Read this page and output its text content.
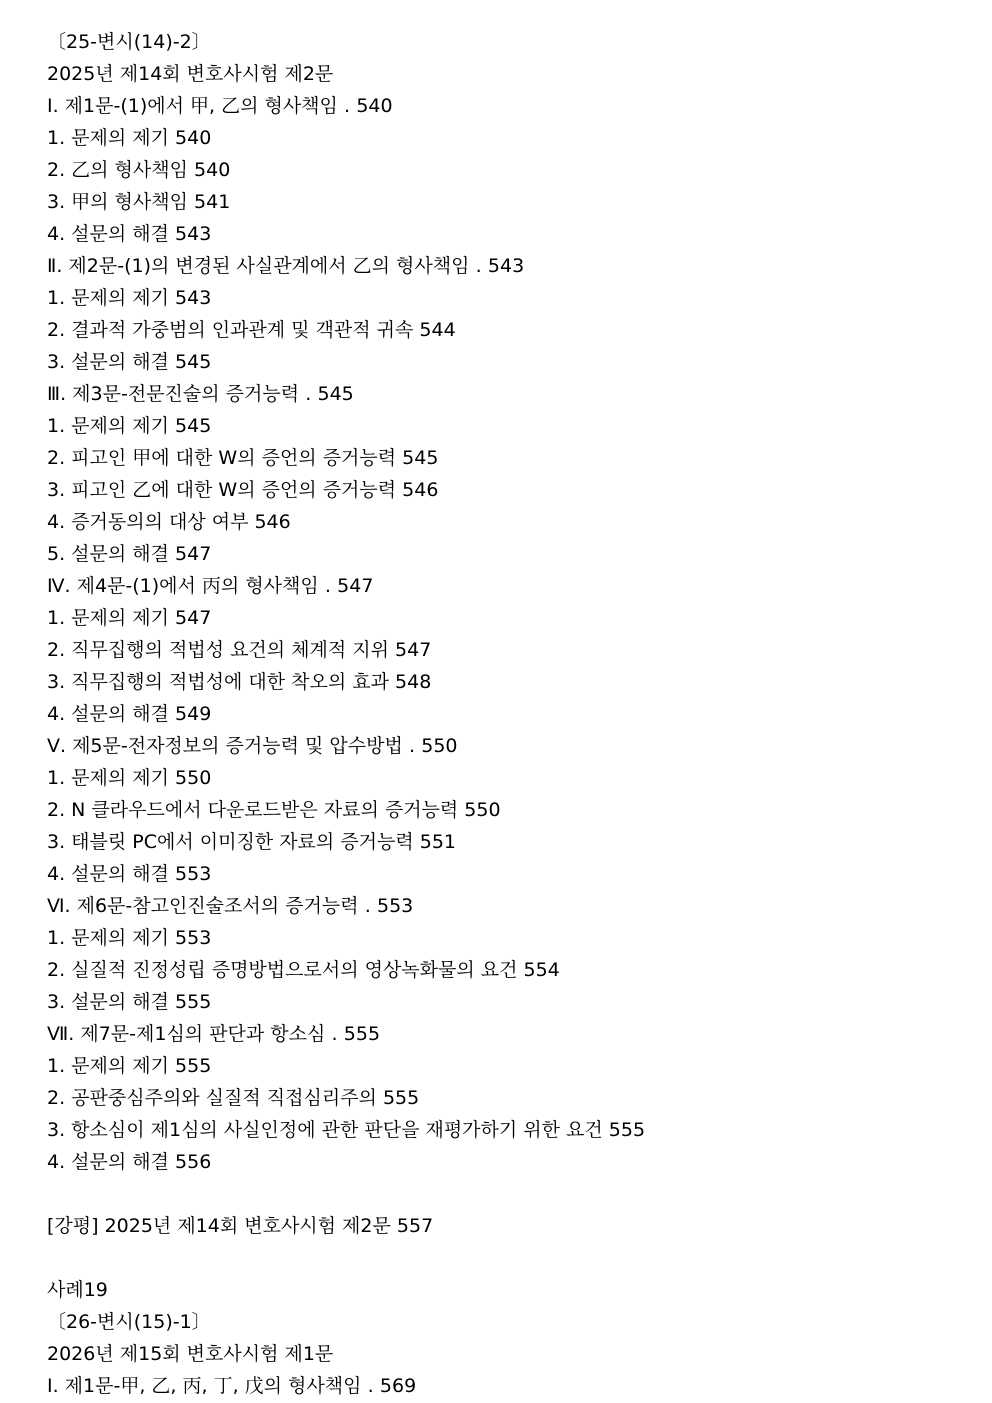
〔25-변시(14)-2〕
2025년 제14회 변호사시험 제2문
Ⅰ. 제1문-(1)에서 甲, 乙의 형사책임 ․ 540
1. 문제의 제기 540
2. 乙의 형사책임 540
3. 甲의 형사책임 541
4. 설문의 해결 543
Ⅱ. 제2문-(1)의 변경된 사실관계에서 乙의 형사책임 ․ 543
1. 문제의 제기 543
2. 결과적 가중범의 인과관계 및 객관적 귀속 544
3. 설문의 해결 545
Ⅲ. 제3문-전문진술의 증거능력 ․ 545
1. 문제의 제기 545
2. 피고인 甲에 대한 W의 증언의 증거능력 545
3. 피고인 乙에 대한 W의 증언의 증거능력 546
4. 증거동의의 대상 여부 546
5. 설문의 해결 547
Ⅳ. 제4문-(1)에서 丙의 형사책임 ․ 547
1. 문제의 제기 547
2. 직무집행의 적법성 요건의 체계적 지위 547
3. 직무집행의 적법성에 대한 착오의 효과 548
4. 설문의 해결 549
Ⅴ. 제5문-전자정보의 증거능력 및 압수방법 ․ 550
1. 문제의 제기 550
2. N 클라우드에서 다운로드받은 자료의 증거능력 550
3. 태블릿 PC에서 이미징한 자료의 증거능력 551
4. 설문의 해결 553
Ⅵ. 제6문-참고인진술조서의 증거능력 ․ 553
1. 문제의 제기 553
2. 실질적 진정성립 증명방법으로서의 영상녹화물의 요건 554
3. 설문의 해결 555
Ⅶ. 제7문-제1심의 판단과 항소심 ․ 555
1. 문제의 제기 555
2. 공판중심주의와 실질적 직접심리주의 555
3. 항소심이 제1심의 사실인정에 관한 판단을 재평가하기 위한 요건 555
4. 설문의 해결 556
[강평] 2025년 제14회 변호사시험 제2문 557
사례19
〔26-변시(15)-1〕
2026년 제15회 변호사시험 제1문
Ⅰ. 제1문-甲, 乙, 丙, 丁, 戊의 형사책임 ․ 569
